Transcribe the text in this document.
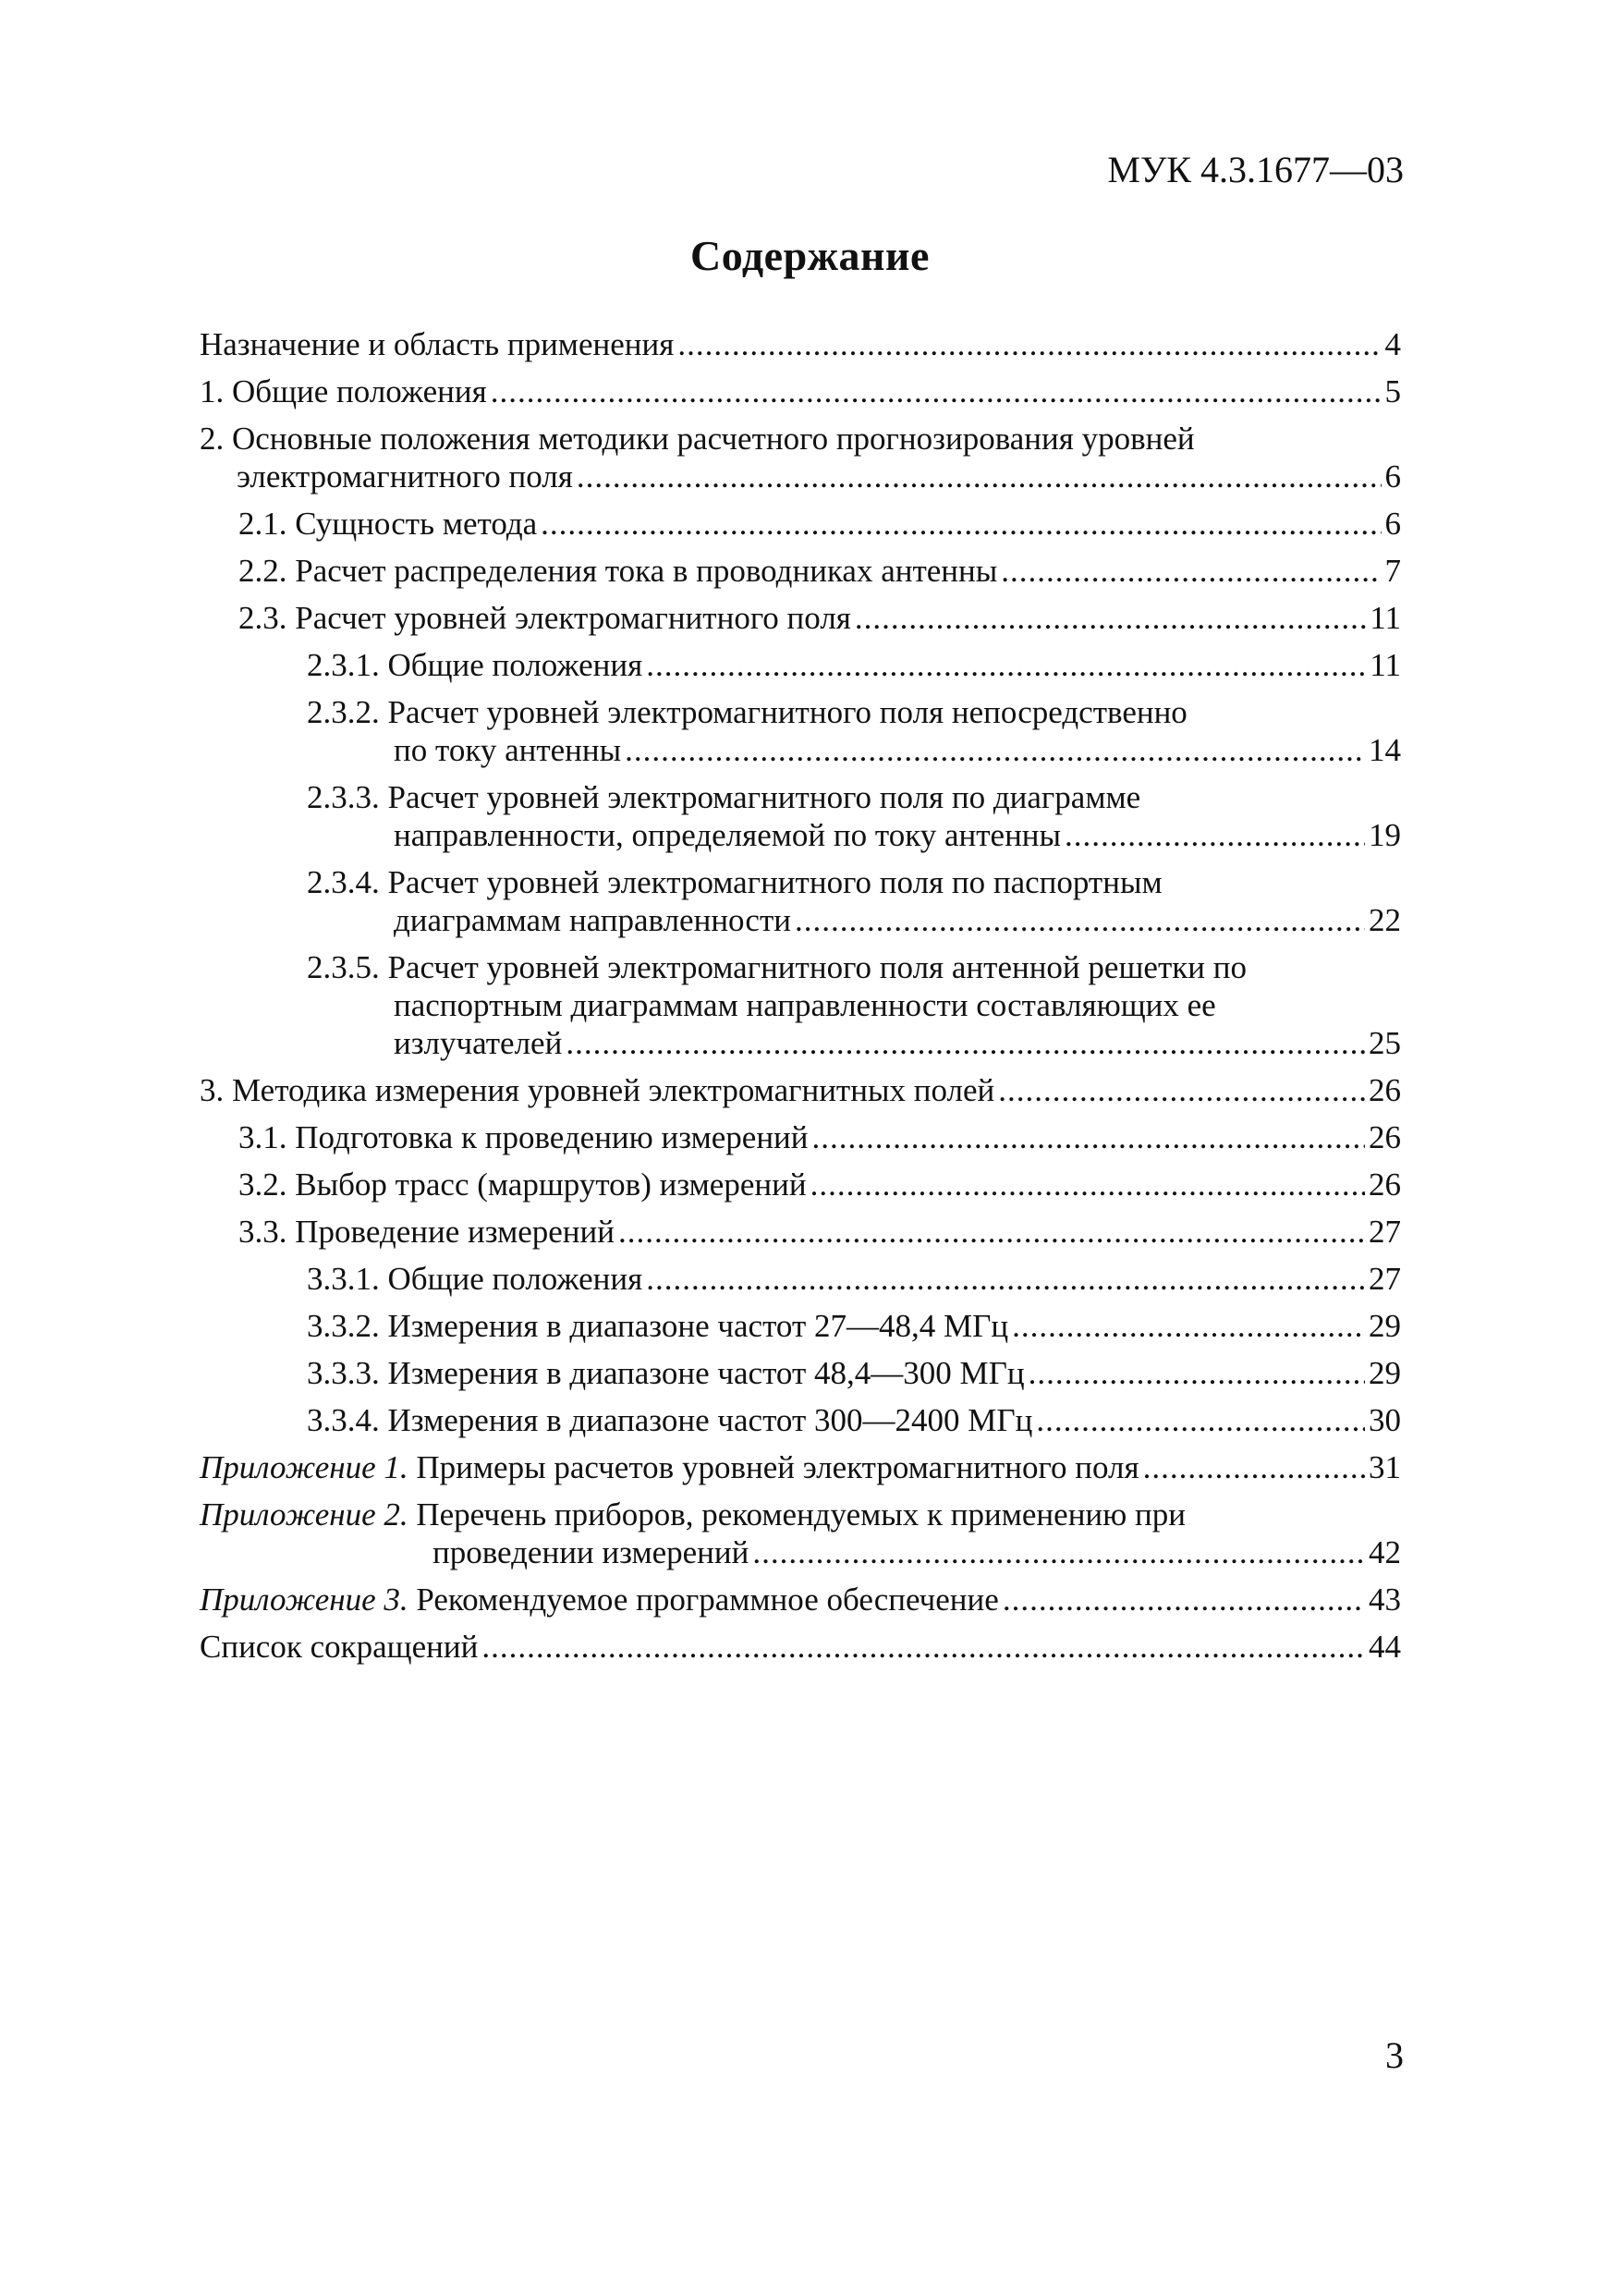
МУК 4.3.1677—03
Содержание
Назначение и область применения .....	4
1. Общие положения .....	5
2. Основные положения методики расчетного прогнозирования уровней
электромагнитного поля .....	6
2.1. Сущность метода .....	6
2.2. Расчет распределения тока в проводниках антенны .....	7
2.3. Расчет уровней электромагнитного поля .....	11
2.3.1. Общие положения .....	11
2.3.2. Расчет уровней электромагнитного поля непосредственно
по току антенны .....	14
2.3.3. Расчет уровней электромагнитного поля по диаграмме
направленности, определяемой по току антенны .....	19
2.3.4. Расчет уровней электромагнитного поля по паспортным
диаграммам направленности .....	22
2.3.5. Расчет уровней электромагнитного поля антенной решетки по
паспортным диаграммам направленности составляющих ее
излучателей .....	25
3. Методика измерения уровней электромагнитных полей .....	26
3.1. Подготовка к проведению измерений .....	26
3.2. Выбор трасс (маршрутов) измерений .....	26
3.3. Проведение измерений .....	27
3.3.1. Общие положения .....	27
3.3.2. Измерения в диапазоне частот 27—48,4 МГц .....	29
3.3.3. Измерения в диапазоне частот 48,4—300 МГц .....	29
3.3.4. Измерения в диапазоне частот 300—2400 МГц .....	30
Приложение 1. Примеры расчетов уровней электромагнитного поля .....	31
Приложение 2. Перечень приборов, рекомендуемых к применению при
проведении измерений .....	42
Приложение 3. Рекомендуемое программное обеспечение .....	43
Список сокращений .....	44
3
